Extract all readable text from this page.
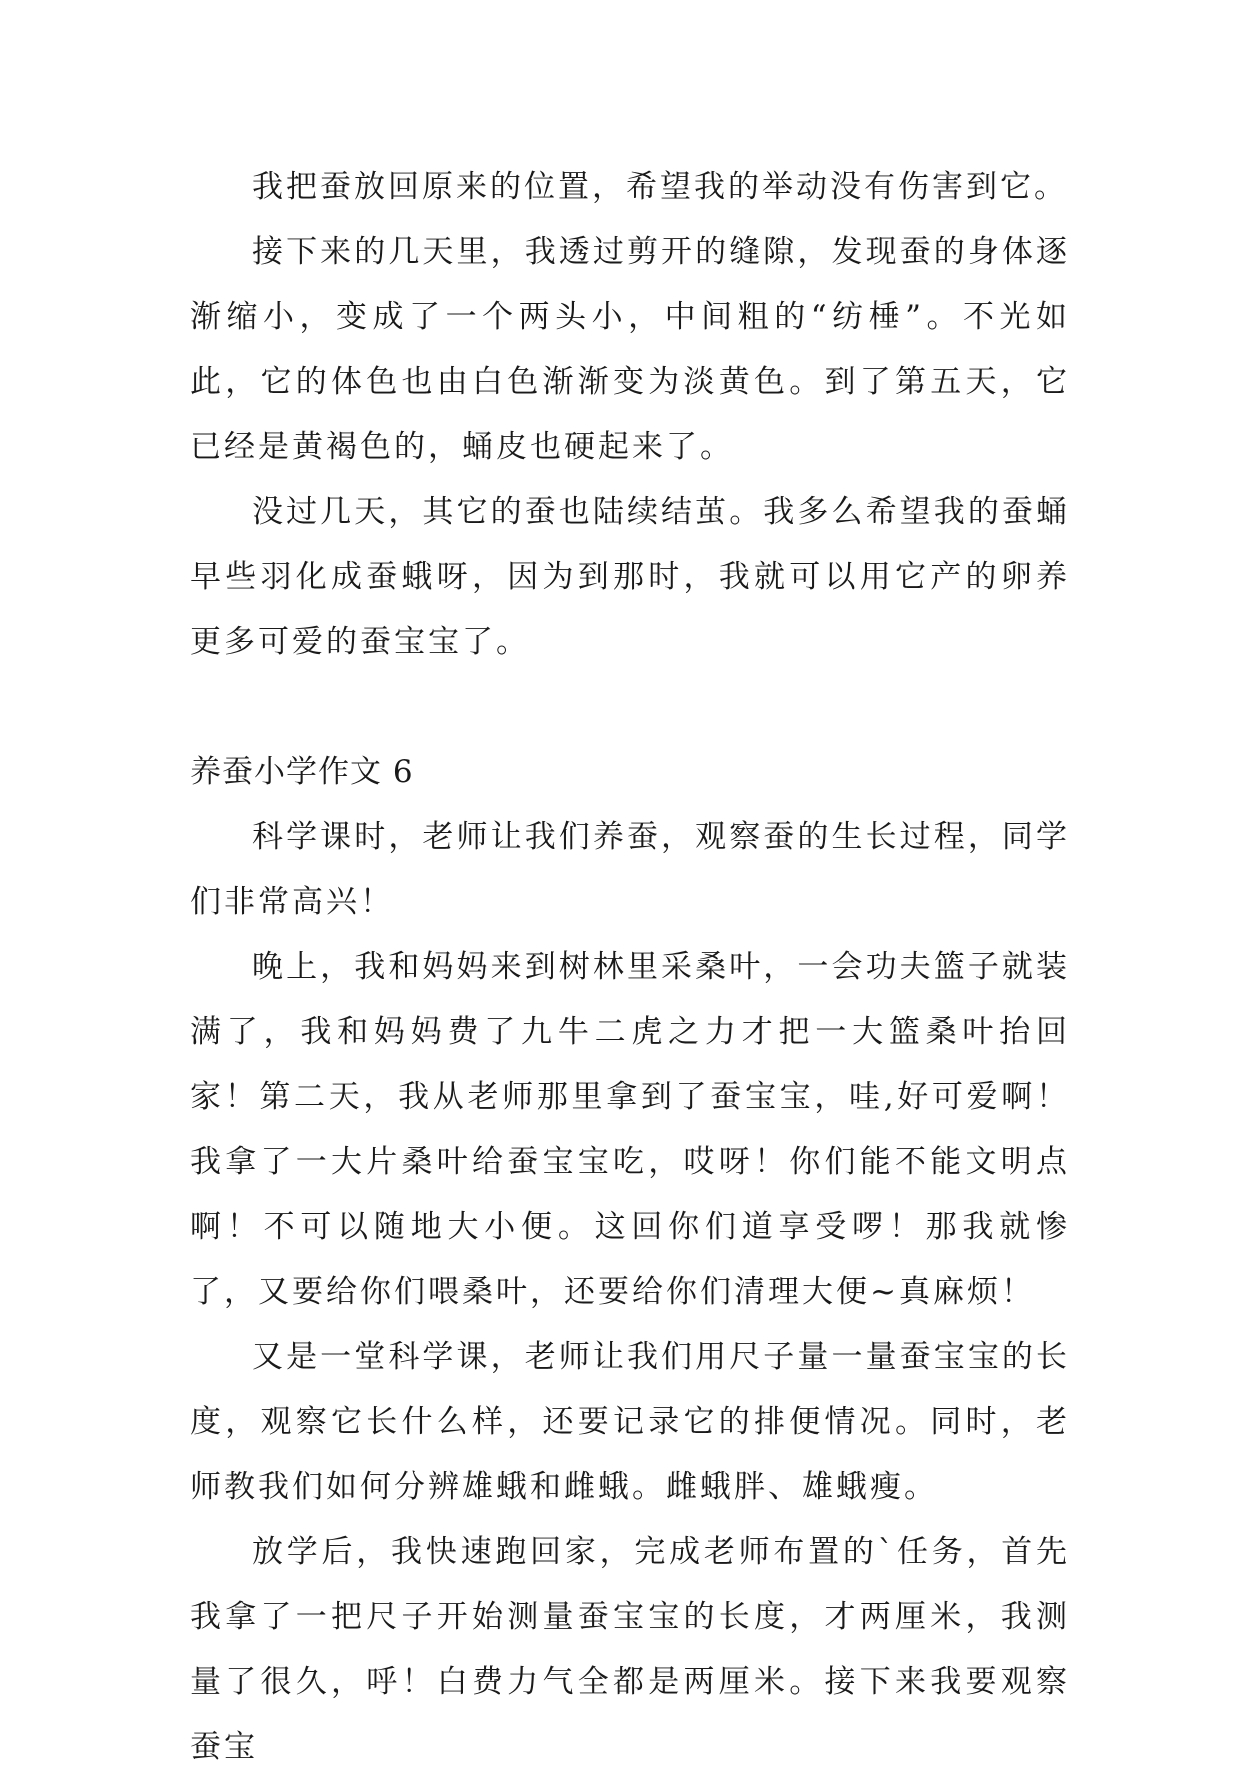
我把蚕放回原来的位置，希望我的举动没有伤害到它。

接下来的几天里，我透过剪开的缝隙，发现蚕的身体逐渐缩小，变成了一个两头小，中间粗的“纺棰”。不光如此，它的体色也由白色渐渐变为淡黄色。到了第五天，它已经是黄褐色的，蛹皮也硬起来了。

没过几天，其它的蚕也陆续结茧。我多么希望我的蚕蛹早些羽化成蚕蛾呀，因为到那时，我就可以用它产的卵养更多可爱的蚕宝宝了。

养蚕小学作文 6

科学课时，老师让我们养蚕，观察蚕的生长过程，同学们非常高兴！

晚上，我和妈妈来到树林里采桑叶，一会功夫篮子就装满了，我和妈妈费了九牛二虎之力才把一大篮桑叶抬回家！第二天，我从老师那里拿到了蚕宝宝，哇,好可爱啊！我拿了一大片桑叶给蚕宝宝吃，哎呀！你们能不能文明点啊！不可以随地大小便。这回你们道享受啰！那我就惨了，又要给你们喂桑叶，还要给你们清理大便~真麻烦！

又是一堂科学课，老师让我们用尺子量一量蚕宝宝的长度，观察它长什么样，还要记录它的排便情况。同时，老师教我们如何分辨雄蛾和雌蛾。雌蛾胖、雄蛾瘦。

放学后，我快速跑回家，完成老师布置的`任务，首先我拿了一把尺子开始测量蚕宝宝的长度，才两厘米，我测量了很久，呼！白费力气全都是两厘米。接下来我要观察蚕宝
